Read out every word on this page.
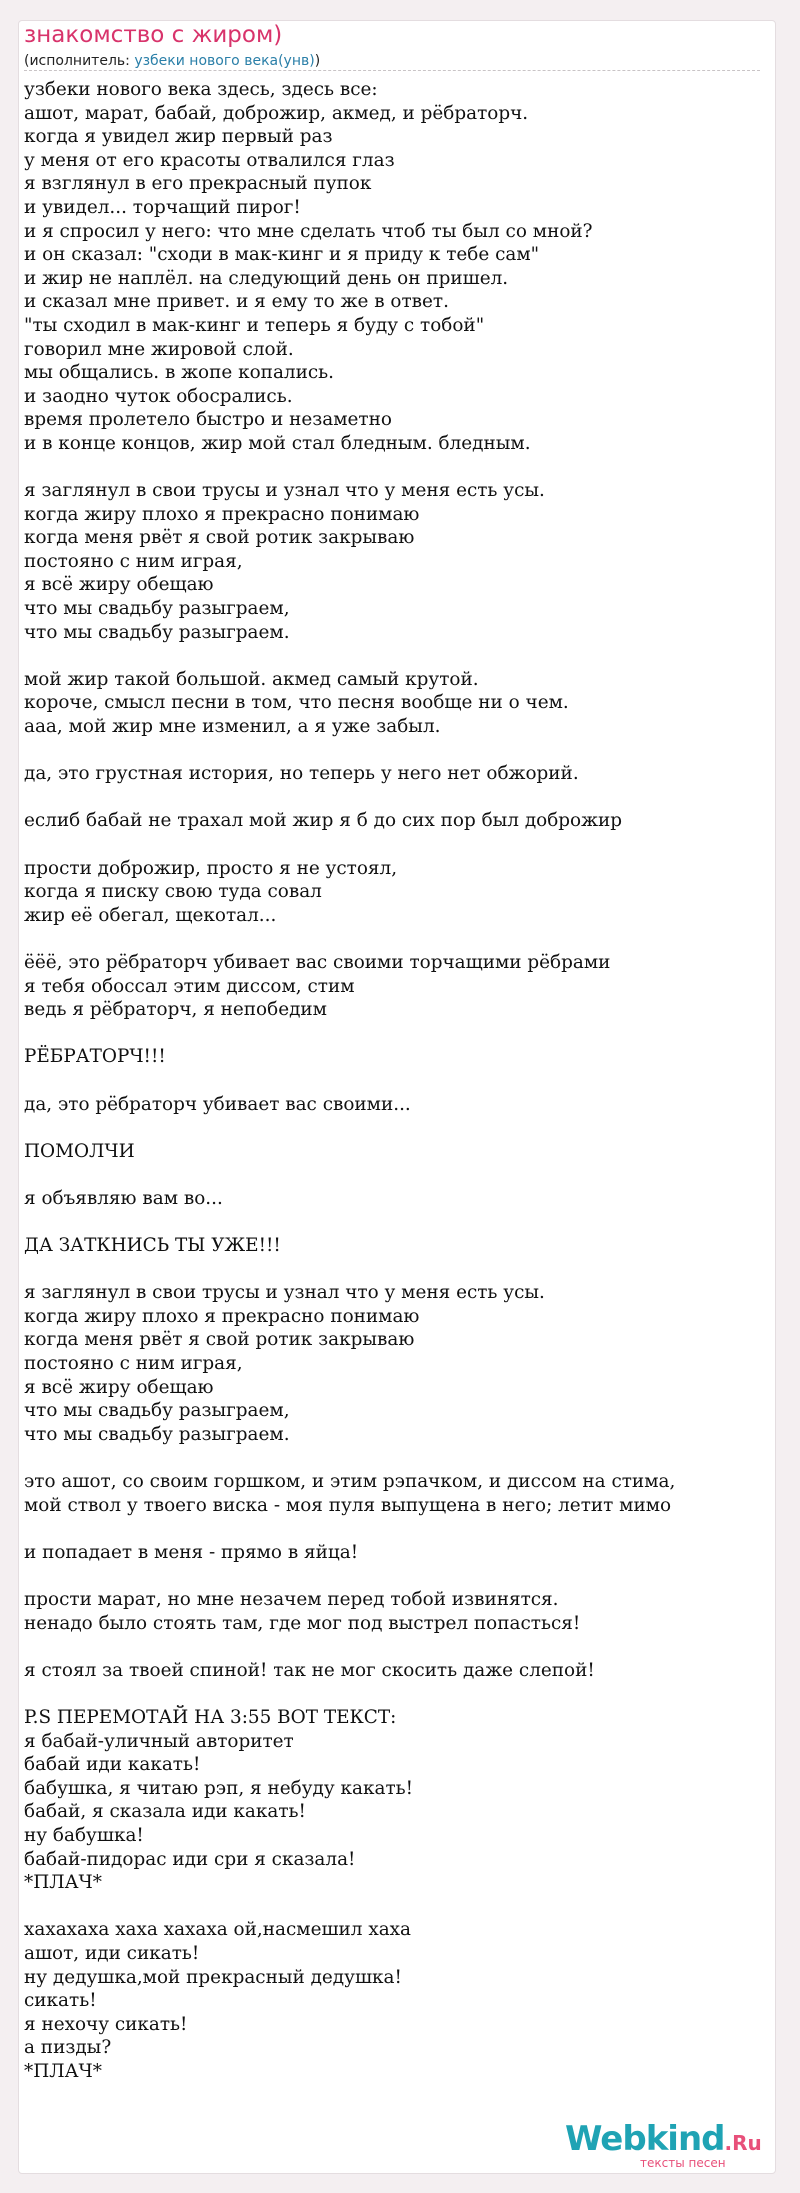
знакомство с жиром)
(исполнитель: узбеки нового века(унв))
узбеки нового века здесь, здесь все:
ашот, марат, бабай, доброжир, акмед, и рёбраторч.
когда я увидел жир первый раз
у меня от его красоты отвалился глаз
я взглянул в его прекрасный пупок
и увидел... торчащий пирог!
и я спросил у него: что мне сделать чтоб ты был со мной?
и он сказал: "сходи в мак-кинг и я приду к тебе сам"
и жир не наплёл. на следующий день он пришел.
и сказал мне привет. и я ему то же в ответ.
"ты сходил в мак-кинг и теперь я буду с тобой"
говорил мне жировой слой.
мы общались. в жопе копались.
и заодно чуток обосрались.
время пролетело быстро и незаметно
и в конце концов, жир мой стал бледным. бледным.
я заглянул в свои трусы и узнал что у меня есть усы.
когда жиру плохо я прекрасно понимаю
когда меня рвёт я свой ротик закрываю
постояно с ним играя,
я всё жиру обещаю
что мы свадьбу разыграем,
что мы свадьбу разыграем.
мой жир такой большой. акмед самый крутой.
короче, смысл песни в том, что песня вообще ни о чем.
ааа, мой жир мне изменил, а я уже забыл.
да, это грустная история, но теперь у него нет обжорий.
еслиб бабай не трахал мой жир я б до сих пор был доброжир
прости доброжир, просто я не устоял,
когда я писку свою туда совал
жир её обегал, щекотал...
ёёё, это рёбраторч убивает вас своими торчащими рёбрами
я тебя обоссал этим диссом, стим
ведь я рёбраторч, я непобедим
РЁБРАТОРЧ!!!
да, это рёбраторч убивает вас своими...
ПОМОЛЧИ
я объявляю вам во...
ДА ЗАТКНИСЬ ТЫ УЖЕ!!!
я заглянул в свои трусы и узнал что у меня есть усы.
когда жиру плохо я прекрасно понимаю
когда меня рвёт я свой ротик закрываю
постояно с ним играя,
я всё жиру обещаю
что мы свадьбу разыграем,
что мы свадьбу разыграем.
это ашот, со своим горшком, и этим рэпачком, и диссом на стима,
мой ствол у твоего виска - моя пуля выпущена в него; летит мимо
и попадает в меня - прямо в яйца!
прости марат, но мне незачем перед тобой извинятся.
ненадо было стоять там, где мог под выстрел попасться!
я стоял за твоей спиной! так не мог скосить даже слепой!
P.S ПЕРЕМОТАЙ НА 3:55 ВОТ ТЕКСТ:
я бабай-уличный авторитет
бабай иди какать!
бабушка, я читаю рэп, я небуду какать!
бабай, я сказала иди какать!
ну бабушка!
бабай-пидорас иди сри я сказала!
*ПЛАЧ*
хахахаха хаха хахаха ой,насмешил хаха
ашот, иди сикать!
ну дедушка,мой прекрасный дедушка!
сикать!
я нехочу сикать!
а пизды?
*ПЛАЧ*
Webkind.Ru
тексты песен
